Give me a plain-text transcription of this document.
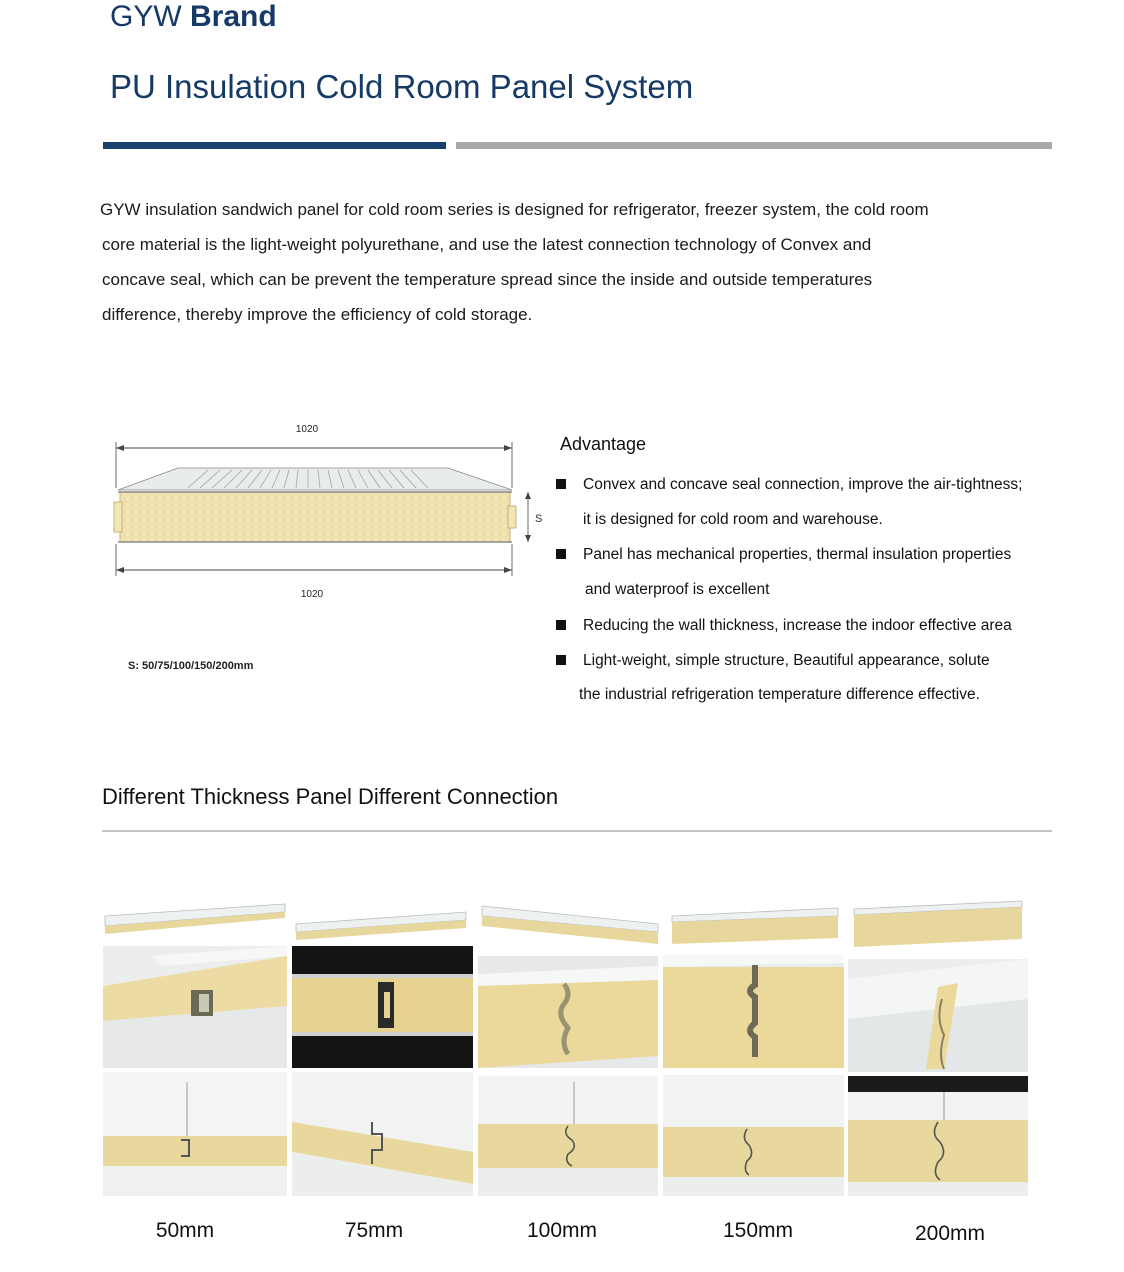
GYW Brand
PU Insulation Cold Room Panel System

GYW insulation sandwich panel for cold room series is designed for refrigerator, freezer system, the cold room

core material is the light-weight polyurethane, and use the latest connection technology of Convex and

concave seal, which can be prevent the temperature spread since the inside and outside temperatures

difference, thereby improve the efficiency of cold storage.

1020
S
1020
S: 50/75/100/150/200mm
Advantage
Convex and concave seal connection, improve the air-tightness;
it is designed for cold room and warehouse.
Panel has mechanical properties, thermal insulation properties
and waterproof is excellent
Reducing the wall thickness, increase the indoor effective area
Light-weight, simple structure, Beautiful appearance, solute
the industrial refrigeration temperature difference effective.
Different Thickness Panel Different Connection
50mm	75mm	100mm	150mm	200mm
